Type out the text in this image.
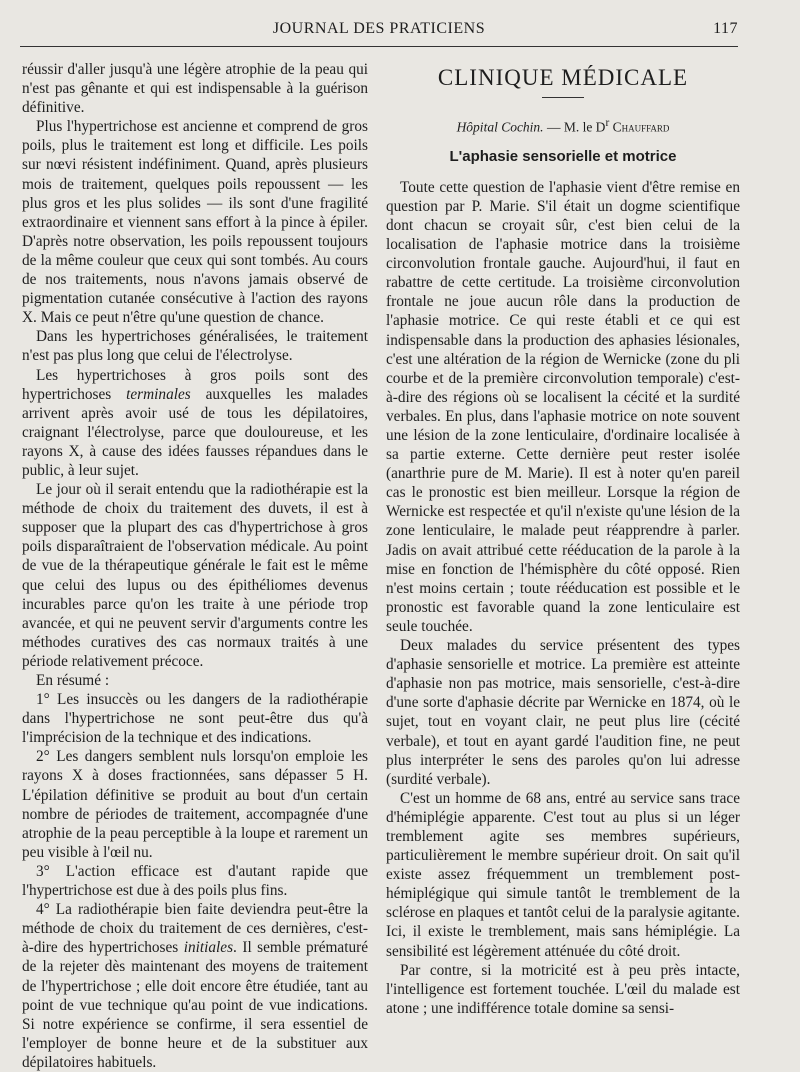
JOURNAL DES PRATICIENS	117

réussir d'aller jusqu'à une légère atrophie de la peau qui n'est pas gênante et qui est indispensable à la guérison définitive.

Plus l'hypertrichose est ancienne et comprend de gros poils, plus le traitement est long et difficile. Les poils sur nœvi résistent indéfiniment. Quand, après plusieurs mois de traitement, quelques poils repoussent — les plus gros et les plus solides — ils sont d'une fragilité extraordinaire et viennent sans effort à la pince à épiler. D'après notre observation, les poils repoussent toujours de la même couleur que ceux qui sont tombés. Au cours de nos traitements, nous n'avons jamais observé de pigmentation cutanée consécutive à l'action des rayons X. Mais ce peut n'être qu'une question de chance.

Dans les hypertrichoses généralisées, le traitement n'est pas plus long que celui de l'électrolyse.

Les hypertrichoses à gros poils sont des hypertrichoses terminales auxquelles les malades arrivent après avoir usé de tous les dépilatoires, craignant l'électrolyse, parce que douloureuse, et les rayons X, à cause des idées fausses répandues dans le public, à leur sujet.

Le jour où il serait entendu que la radiothérapie est la méthode de choix du traitement des duvets, il est à supposer que la plupart des cas d'hypertrichose à gros poils disparaîtraient de l'observation médicale. Au point de vue de la thérapeutique générale le fait est le même que celui des lupus ou des épithéliomes devenus incurables parce qu'on les traite à une période trop avancée, et qui ne peuvent servir d'arguments contre les méthodes curatives des cas normaux traités à une période relativement précoce.

En résumé :

1° Les insuccès ou les dangers de la radiothérapie dans l'hypertrichose ne sont peut-être dus qu'à l'imprécision de la technique et des indications.

2° Les dangers semblent nuls lorsqu'on emploie les rayons X à doses fractionnées, sans dépasser 5 H. L'épilation définitive se produit au bout d'un certain nombre de périodes de traitement, accompagnée d'une atrophie de la peau perceptible à la loupe et rarement un peu visible à l'œil nu.

3° L'action efficace est d'autant rapide que l'hypertrichose est due à des poils plus fins.

4° La radiothérapie bien faite deviendra peut-être la méthode de choix du traitement de ces dernières, c'est-à-dire des hypertrichoses initiales. Il semble prématuré de la rejeter dès maintenant des moyens de traitement de l'hypertrichose ; elle doit encore être étudiée, tant au point de vue technique qu'au point de vue indications. Si notre expérience se confirme, il sera essentiel de l'employer de bonne heure et de la substituer aux dépilatoires habituels.

CLINIQUE MÉDICALE
Hôpital Cochin. — M. le $D^r$ Chauffard
L'aphasie sensorielle et motrice

Toute cette question de l'aphasie vient d'être remise en question par P. Marie. S'il était un dogme scientifique dont chacun se croyait sûr, c'est bien celui de la localisation de l'aphasie motrice dans la troisième circonvolution frontale gauche. Aujourd'hui, il faut en rabattre de cette certitude. La troisième circonvolution frontale ne joue aucun rôle dans la production de l'aphasie motrice. Ce qui reste établi et ce qui est indispensable dans la production des aphasies lésionales, c'est une altération de la région de Wernicke (zone du pli courbe et de la première circonvolution temporale) c'est-à-dire des régions où se localisent la cécité et la surdité verbales. En plus, dans l'aphasie motrice on note souvent une lésion de la zone lenticulaire, d'ordinaire localisée à sa partie externe. Cette dernière peut rester isolée (anarthrie pure de M. Marie). Il est à noter qu'en pareil cas le pronostic est bien meilleur. Lorsque la région de Wernicke est respectée et qu'il n'existe qu'une lésion de la zone lenticulaire, le malade peut réapprendre à parler. Jadis on avait attribué cette rééducation de la parole à la mise en fonction de l'hémisphère du côté opposé. Rien n'est moins certain ; toute rééducation est possible et le pronostic est favorable quand la zone lenticulaire est seule touchée.

Deux malades du service présentent des types d'aphasie sensorielle et motrice. La première est atteinte d'aphasie non pas motrice, mais sensorielle, c'est-à-dire d'une sorte d'aphasie décrite par Wernicke en 1874, où le sujet, tout en voyant clair, ne peut plus lire (cécité verbale), et tout en ayant gardé l'audition fine, ne peut plus interpréter le sens des paroles qu'on lui adresse (surdité verbale).

C'est un homme de 68 ans, entré au service sans trace d'hémiplégie apparente. C'est tout au plus si un léger tremblement agite ses membres supérieurs, particulièrement le membre supérieur droit. On sait qu'il existe assez fréquemment un tremblement post-hémiplégique qui simule tantôt le tremblement de la sclérose en plaques et tantôt celui de la paralysie agitante. Ici, il existe le tremblement, mais sans hémiplégie. La sensibilité est légèrement atténuée du côté droit.

Par contre, si la motricité est à peu près intacte, l'intelligence est fortement touchée. L'œil du malade est atone ; une indifférence totale domine sa sensi-
